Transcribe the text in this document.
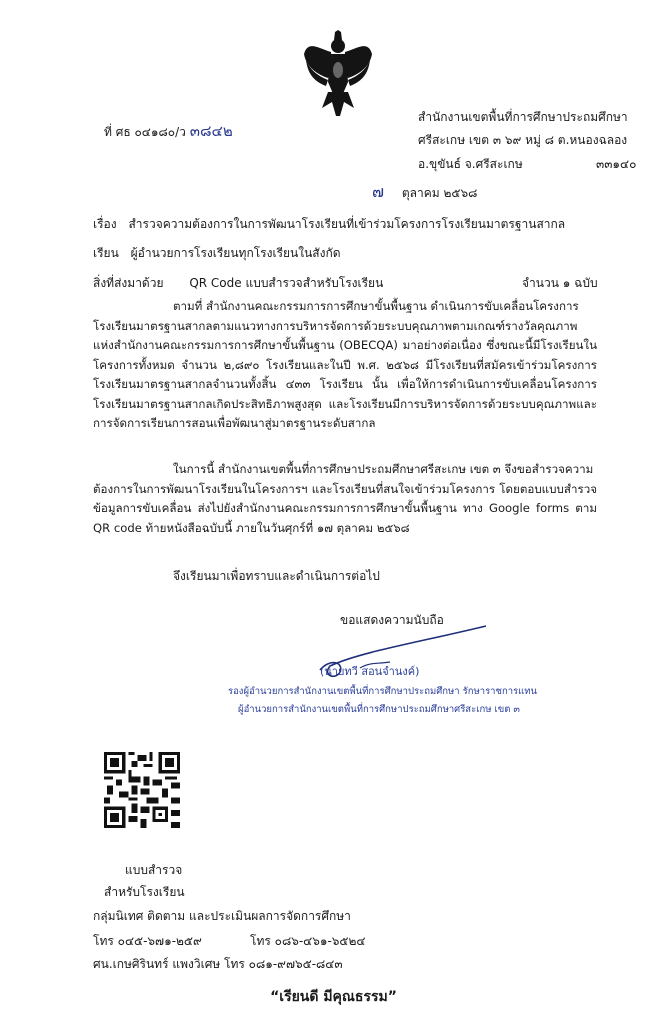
ที่ ศธ ๐๔๑๘๐/ว ๓๘๔๒
สำนักงานเขตพื้นที่การศึกษาประถมศึกษา
ศรีสะเกษ เขต ๓ ๖๙ หมู่ ๘ ต.หนองฉลอง
อ.ขุขันธ์ จ.ศรีสะเกษ	๓๓๑๔๐
๗ ตุลาคม ๒๕๖๘
เรื่อง สำรวจความต้องการในการพัฒนาโรงเรียนที่เข้าร่วมโครงการโรงเรียนมาตรฐานสากล
เรียน ผู้อำนวยการโรงเรียนทุกโรงเรียนในสังกัด
สิ่งที่ส่งมาด้วย QR Code แบบสำรวจสำหรับโรงเรียน	จำนวน ๑ ฉบับ
ตามที่ สำนักงานคณะกรรมการการศึกษาขั้นพื้นฐาน ดำเนินการขับเคลื่อนโครงการ
โรงเรียนมาตรฐานสากลตามแนวทางการบริหารจัดการด้วยระบบคุณภาพตามเกณฑ์รางวัลคุณภาพแห่งสำนักงานคณะกรรมการการศึกษาขั้นพื้นฐาน (OBECQA) มาอย่างต่อเนื่อง ซึ่งขณะนี้มีโรงเรียนในโครงการทั้งหมด จำนวน ๒,๘๙๐ โรงเรียนและในปี พ.ศ. ๒๕๖๘ มีโรงเรียนที่สมัครเข้าร่วมโครงการโรงเรียนมาตรฐานสากลจำนวนทั้งสิ้น ๔๓๓ โรงเรียน นั้น เพื่อให้การดำเนินการขับเคลื่อนโครงการโรงเรียนมาตรฐานสากลเกิดประสิทธิภาพสูงสุด และโรงเรียนมีการบริหารจัดการด้วยระบบคุณภาพและการจัดการเรียนการสอนเพื่อพัฒนาสู่มาตรฐานระดับสากล
ในการนี้ สำนักงานเขตพื้นที่การศึกษาประถมศึกษาศรีสะเกษ เขต ๓ จึงขอสำรวจความ
ต้องการในการพัฒนาโรงเรียนในโครงการฯ และโรงเรียนที่สนใจเข้าร่วมโครงการ โดยตอบแบบสำรวจข้อมูลการขับเคลื่อน ส่งไปยังสำนักงานคณะกรรมการการศึกษาขั้นพื้นฐาน ทาง Google forms ตาม QR code ท้ายหนังสือฉบับนี้ ภายในวันศุกร์ที่ ๑๗ ตุลาคม ๒๕๖๘
จึงเรียนมาเพื่อทราบและดำเนินการต่อไป
ขอแสดงความนับถือ
(นายทวี สอนจำนงค์)
รองผู้อำนวยการสำนักงานเขตพื้นที่การศึกษาประถมศึกษา รักษาราชการแทน
ผู้อำนวยการสำนักงานเขตพื้นที่การศึกษาประถมศึกษาศรีสะเกษ เขต ๓
แบบสำรวจ
สำหรับโรงเรียน
กลุ่มนิเทศ ติดตาม และประเมินผลการจัดการศึกษา
โทร ๐๔๕-๖๗๑-๒๕๙	โทร ๐๘๖-๔๖๑-๖๕๒๔
ศน.เกษศิรินทร์ แพงวิเศษ โทร ๐๘๑-๙๗๖๕-๘๔๓
“เรียนดี มีคุณธรรม”
